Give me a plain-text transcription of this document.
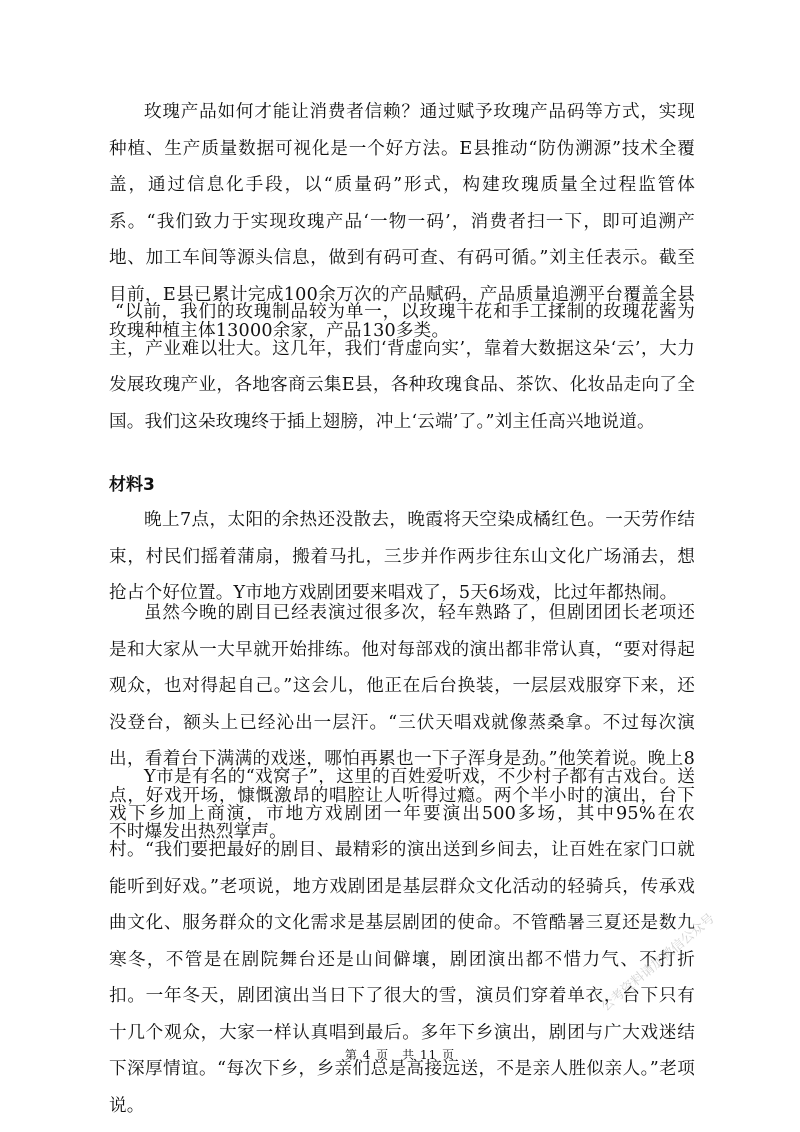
玫瑰产品如何才能让消费者信赖？通过赋予玫瑰产品码等方式，实现种植、生产质量数据可视化是一个好方法。E县推动“防伪溯源”技术全覆盖，通过信息化手段，以“质量码”形式，构建玫瑰质量全过程监管体系。“我们致力于实现玫瑰产品‘一物一码’，消费者扫一下，即可追溯产地、加工车间等源头信息，做到有码可查、有码可循。”刘主任表示。截至目前，E县已累计完成100余万次的产品赋码，产品质量追溯平台覆盖全县玫瑰种植主体13000余家，产品130多类。

“以前，我们的玫瑰制品较为单一，以玫瑰干花和手工揉制的玫瑰花酱为主，产业难以壮大。这几年，我们‘背虚向实’，靠着大数据这朵‘云’，大力发展玫瑰产业，各地客商云集E县，各种玫瑰食品、茶饮、化妆品走向了全国。我们这朵玫瑰终于插上翅膀，冲上‘云端’了。”刘主任高兴地说道。

材料3

晚上7点，太阳的余热还没散去，晚霞将天空染成橘红色。一天劳作结束，村民们摇着蒲扇，搬着马扎，三步并作两步往东山文化广场涌去，想抢占个好位置。Y市地方戏剧团要来唱戏了，5天6场戏，比过年都热闹。

虽然今晚的剧目已经表演过很多次，轻车熟路了，但剧团团长老项还是和大家从一大早就开始排练。他对每部戏的演出都非常认真，“要对得起观众，也对得起自己。”这会儿，他正在后台换装，一层层戏服穿下来，还没登台，额头上已经沁出一层汗。“三伏天唱戏就像蒸桑拿。不过每次演出，看着台下满满的戏迷，哪怕再累也一下子浑身是劲。”他笑着说。晚上8点，好戏开场，慷慨激昂的唱腔让人听得过瘾。两个半小时的演出，台下不时爆发出热烈掌声。

Y市是有名的“戏窝子”，这里的百姓爱听戏，不少村子都有古戏台。送戏下乡加上商演，市地方戏剧团一年要演出500多场，其中95%在农村。“我们要把最好的剧目、最精彩的演出送到乡间去，让百姓在家门口就能听到好戏。”老项说，地方戏剧团是基层群众文化活动的轻骑兵，传承戏曲文化、服务群众的文化需求是基层剧团的使命。不管酷暑三夏还是数九寒冬，不管是在剧院舞台还是山间僻壤，剧团演出都不惜力气、不打折扣。一年冬天，剧团演出当日下了很大的雪，演员们穿着单衣，台下只有十几个观众，大家一样认真唱到最后。多年下乡演出，剧团与广大戏迷结下深厚情谊。“每次下乡，乡亲们总是高接远送，不是亲人胜似亲人。”老项说。

第 4 页　共 11 页
公考资料请加微信公众号
